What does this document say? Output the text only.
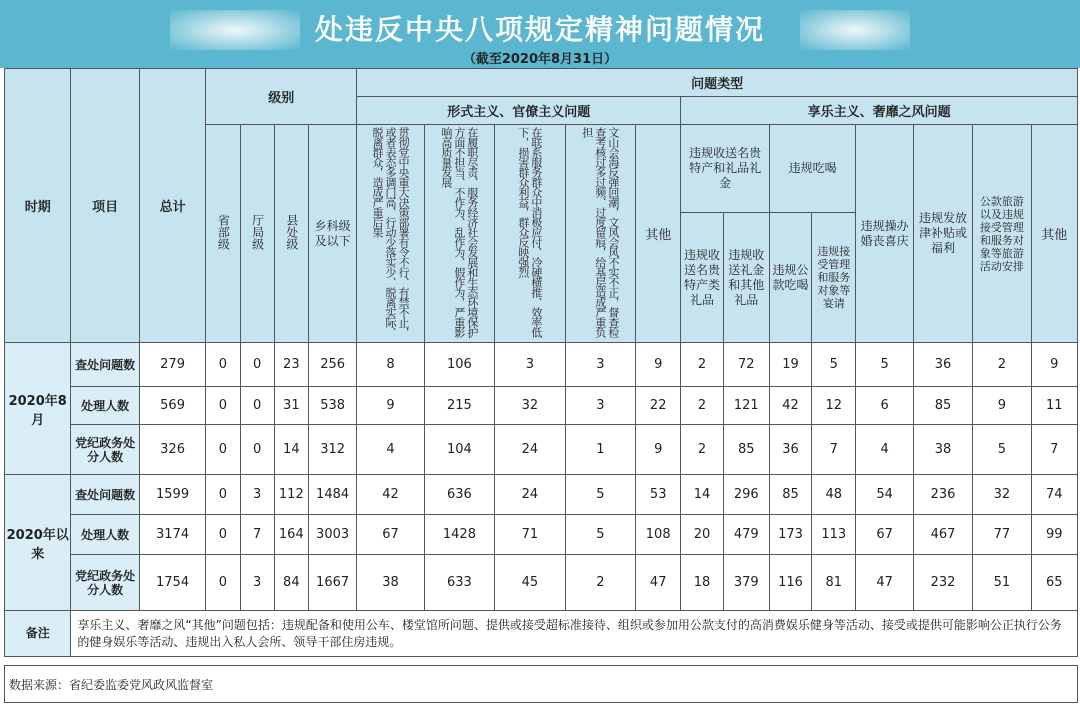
处违反中央八项规定精神问题情况
（截至2020年8月31日）
时期	项目	总计	级别				问题类型												
							形式主义、官僚主义问题					享乐主义、奢靡之风问题							
			省部级	厅局级	县处级	乡科级及以下	贯彻党中央重大决策部署有令不行、有禁不止，或者表态多调门高、行动少落实少、脱离实际、脱离群众，造成严重后果	在履职尽责、服务经济社会发展和生态环境保护方面不担当、不作为、乱作为、假作为，严重影响高质量发展	在联系服务群众中消极应付、冷硬横推、效率低下，损害群众利益，群众反映强烈	文山会海反弹回潮，文风会风不实不正，督查检查考核过多过频、过度留痕，给基层造成严重负担	其他	违规收送名贵特产和礼品礼金		违规吃喝		违规操办婚丧喜庆	违规发放津补贴或福利	公款旅游以及违规接受管理和服务对象等旅游活动安排	其他
												违规收送名贵特产类礼品	违规收送礼金和其他礼品	违规公款吃喝	违规接受管理和服务对象等宴请				
2020年8月	查处问题数	279	0	0	23	256	8	106	3	3	9	2	72	19	5	5	36	2	9
	处理人数	569	0	0	31	538	9	215	32	3	22	2	121	42	12	6	85	9	11
	党纪政务处分人数	326	0	0	14	312	4	104	24	1	9	2	85	36	7	4	38	5	7
2020年以来	查处问题数	1599	0	3	112	1484	42	636	24	5	53	14	296	85	48	54	236	32	74
	处理人数	3174	0	7	164	3003	67	1428	71	5	108	20	479	173	113	67	467	77	99
	党纪政务处分人数	1754	0	3	84	1667	38	633	45	2	47	18	379	116	81	47	232	51	65
备注	享乐主义、奢靡之风“其他”问题包括：违规配备和使用公车、楼堂馆所问题、提供或接受超标准接待、组织或参加用公款支付的高消费娱乐健身等活动、接受或提供可能影响公正执行公务的健身娱乐等活动、违规出入私人会所、领导干部住房违规。																		
数据来源：省纪委监委党风政风监督室
